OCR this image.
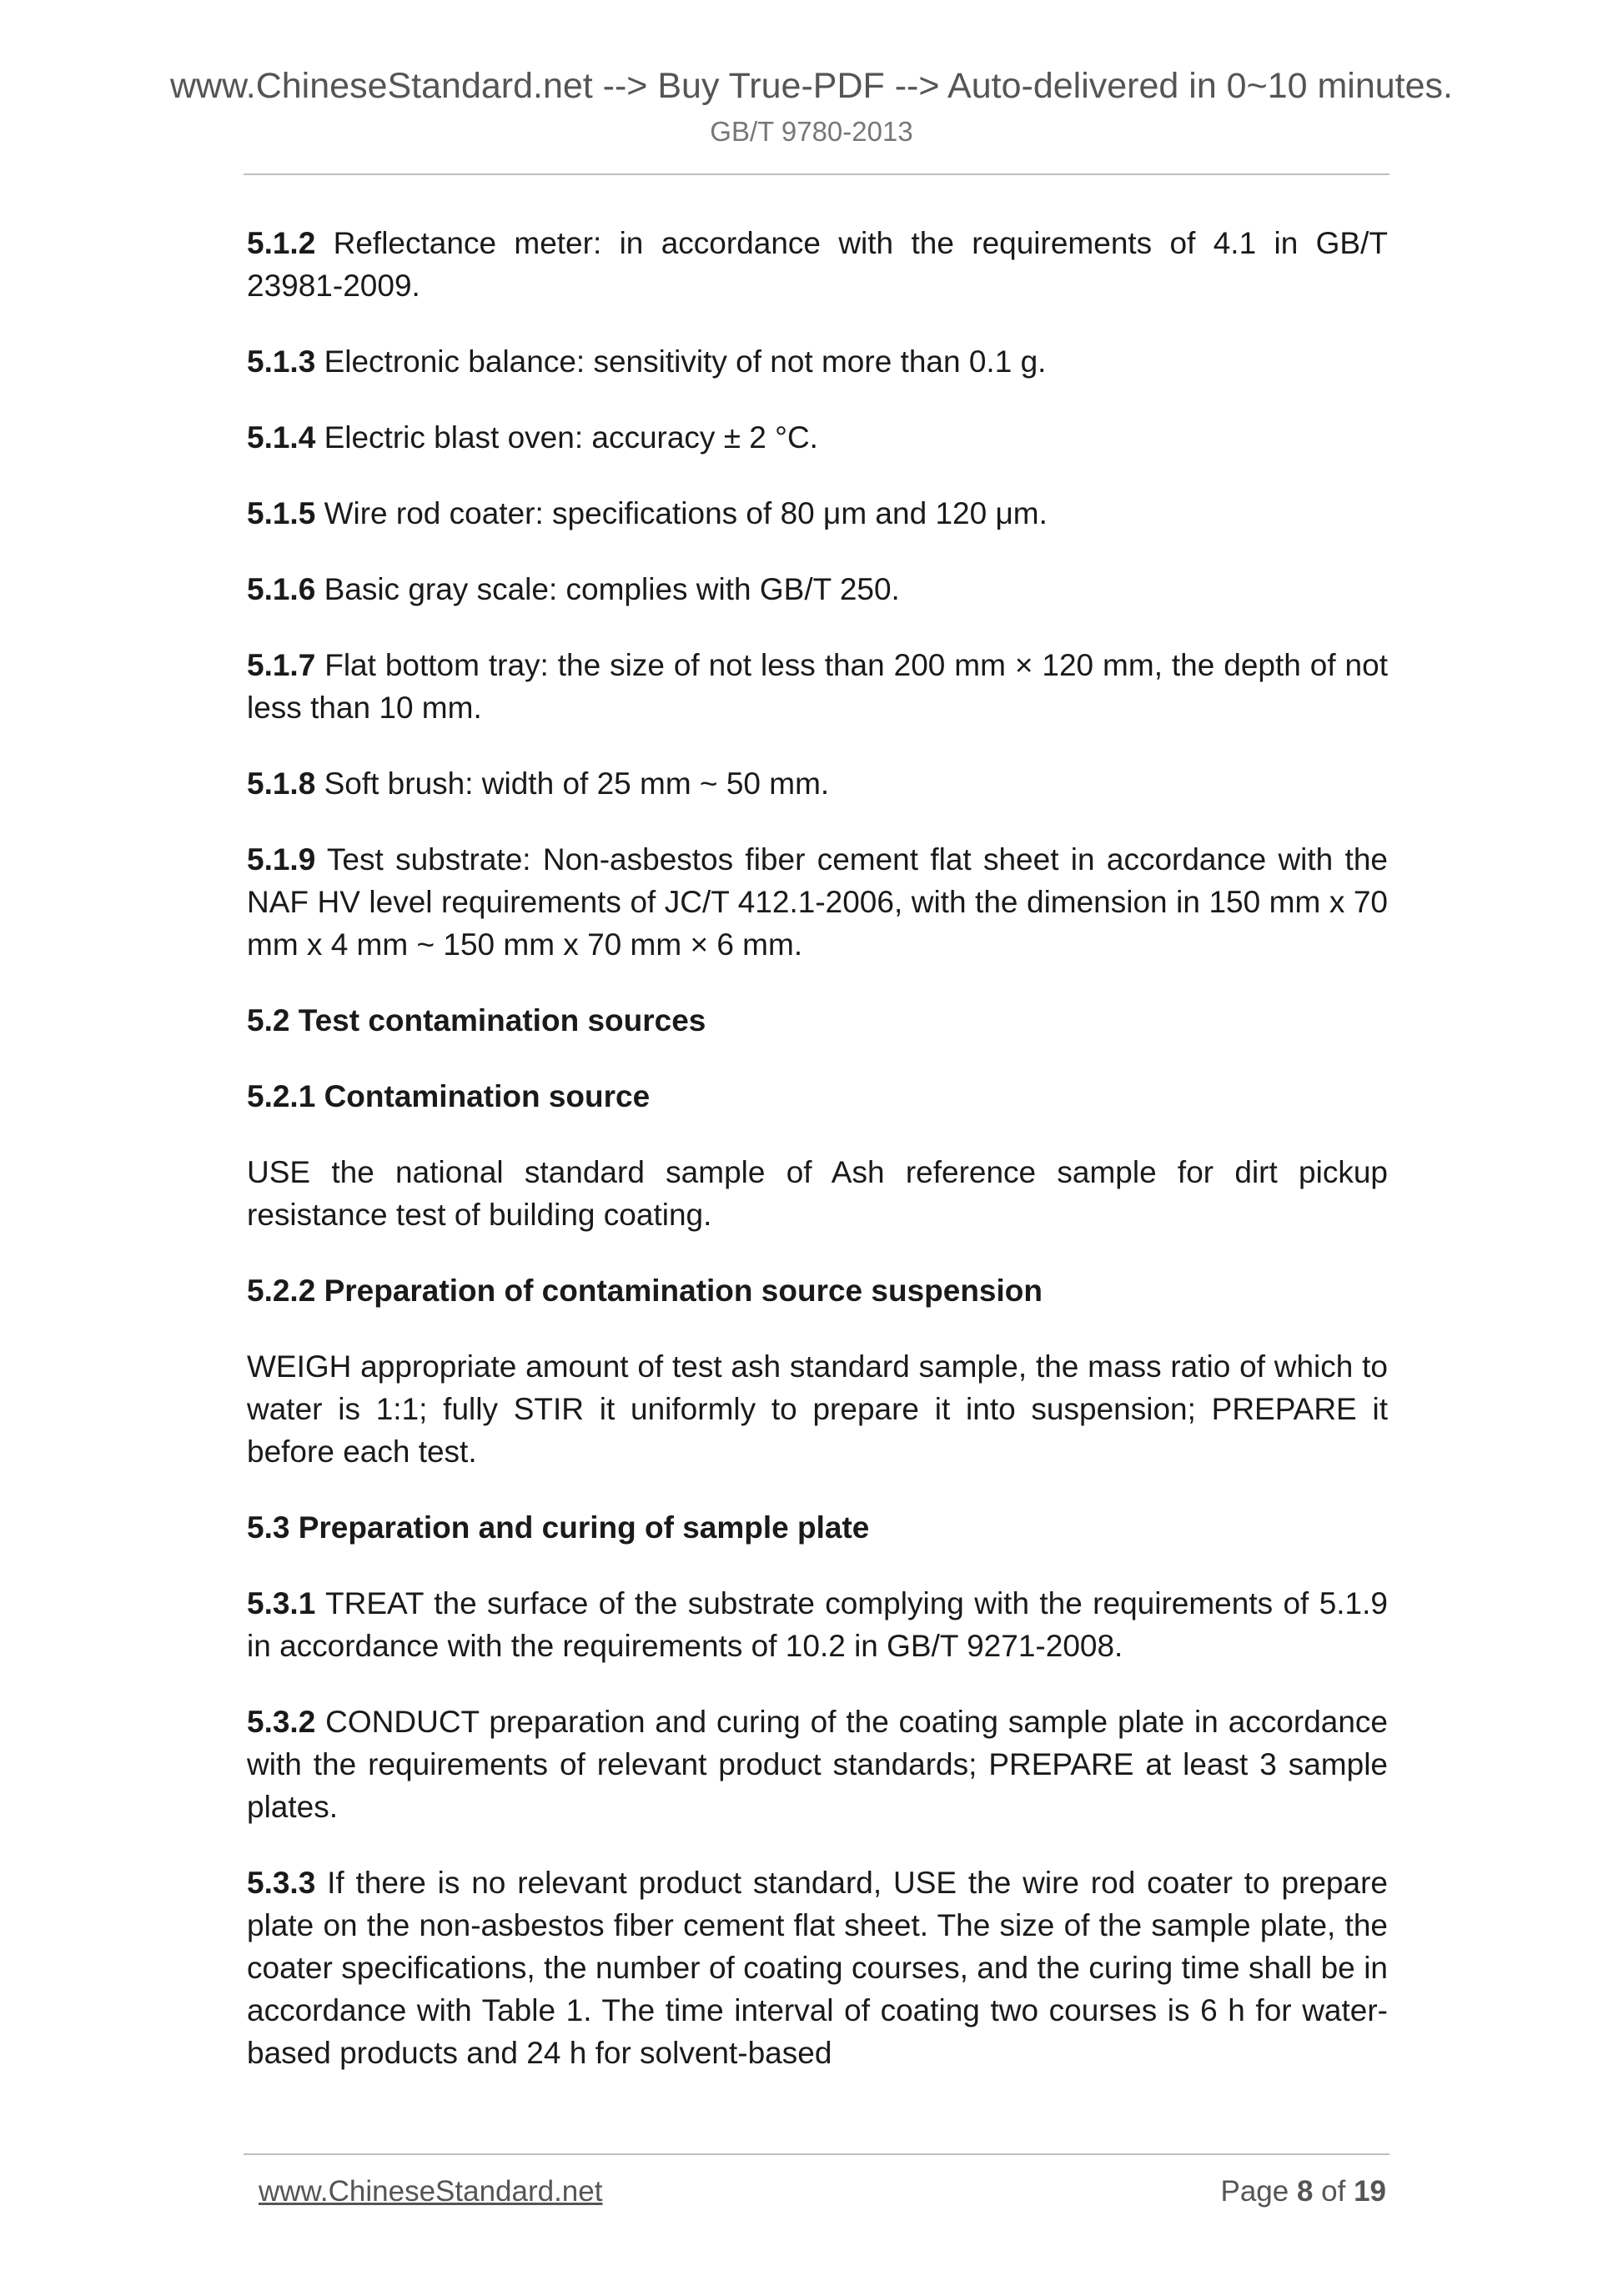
www.ChineseStandard.net --> Buy True-PDF --> Auto-delivered in 0~10 minutes.
GB/T 9780-2013

5.1.2 Reflectance meter: in accordance with the requirements of 4.1 in GB/T 23981-2009.

5.1.3 Electronic balance: sensitivity of not more than 0.1 g.

5.1.4 Electric blast oven: accuracy ± 2 °C.

5.1.5 Wire rod coater: specifications of 80 μm and 120 μm.

5.1.6 Basic gray scale: complies with GB/T 250.

5.1.7 Flat bottom tray: the size of not less than 200 mm × 120 mm, the depth of not less than 10 mm.

5.1.8 Soft brush: width of 25 mm ~ 50 mm.

5.1.9 Test substrate: Non-asbestos fiber cement flat sheet in accordance with the NAF HV level requirements of JC/T 412.1-2006, with the dimension in 150 mm x 70 mm x 4 mm ~ 150 mm x 70 mm × 6 mm.

5.2 Test contamination sources
5.2.1 Contamination source

USE the national standard sample of Ash reference sample for dirt pickup resistance test of building coating.

5.2.2 Preparation of contamination source suspension

WEIGH appropriate amount of test ash standard sample, the mass ratio of which to water is 1:1; fully STIR it uniformly to prepare it into suspension; PREPARE it before each test.

5.3 Preparation and curing of sample plate

5.3.1 TREAT the surface of the substrate complying with the requirements of 5.1.9 in accordance with the requirements of 10.2 in GB/T 9271-2008.

5.3.2 CONDUCT preparation and curing of the coating sample plate in accordance with the requirements of relevant product standards; PREPARE at least 3 sample plates.

5.3.3 If there is no relevant product standard, USE the wire rod coater to prepare plate on the non-asbestos fiber cement flat sheet. The size of the sample plate, the coater specifications, the number of coating courses, and the curing time shall be in accordance with Table 1. The time interval of coating two courses is 6 h for water-based products and 24 h for solvent-based

www.ChineseStandard.net	Page 8 of 19
